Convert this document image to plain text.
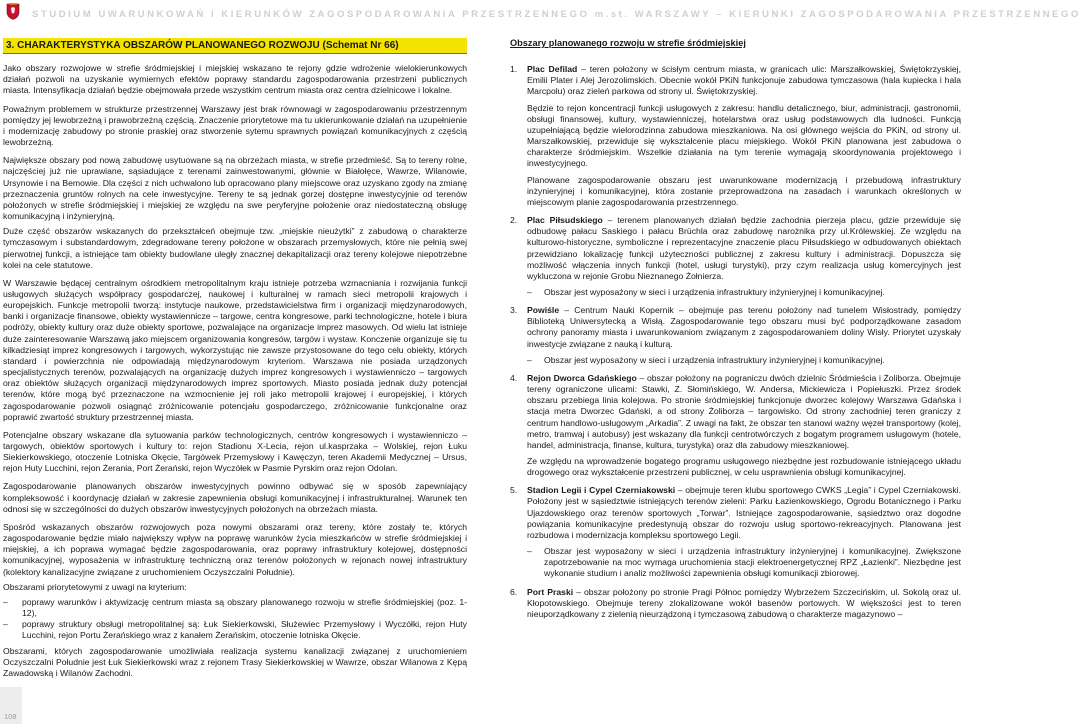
STUDIUM UWARUNKOWAŃ I KIERUNKÓW ZAGOSPODAROWANIA PRZESTRZENNEGO m.st. WARSZAWY – KIERUNKI ZAGOSPODAROWANIA PRZESTRZENNEGO
3. CHARAKTERYSTYKA OBSZARÓW PLANOWANEGO ROZWOJU (Schemat Nr 66)

Jako obszary rozwojowe w strefie śródmiejskiej i miejskiej wskazano te rejony gdzie wdrożenie wielokierunkowych działań pozwoli na uzyskanie wymiernych efektów poprawy standardu zagospodarowania przestrzeni publicznych miasta. Intensyfikacja działań będzie obejmowała przede wszystkim centrum miasta oraz centra dzielnicowe i lokalne.

Poważnym problemem w strukturze przestrzennej Warszawy jest brak równowagi w zagospodarowaniu przestrzennym pomiędzy jej lewobrzeżną i prawobrzeżną częścią. Znaczenie priorytetowe ma tu ukierunkowanie działań na uzupełnienie i modernizację zabudowy po stronie praskiej oraz stworzenie sytemu sprawnych powiązań komunikacyjnych z częścią lewobrzeżną.

Największe obszary pod nową zabudowę usytuowane są na obrzeżach miasta, w strefie przedmieść. Są to tereny rolne, najczęściej już nie uprawiane, sąsiadujące z terenami zainwestowanymi, głównie w Białołęce, Wawrze, Wilanowie, Ursynowie i na Bemowie. Dla części z nich uchwalono lub opracowano plany miejscowe oraz uzyskano zgody na zmianę przeznaczenia gruntów rolnych na cele inwestycyjne. Tereny te są jednak gorzej dostępne inwestycyjnie od terenów położonych w strefie śródmiejskiej i miejskiej ze względu na swe peryferyjne położenie oraz niedostateczną obsługę komunikacyjną i inżynieryjną.

Duże część obszarów wskazanych do przekształceń obejmuje tzw. „miejskie nieużytki” z zabudową o charakterze tymczasowym i substandardowym, zdegradowane tereny położone w obszarach przemysłowych, które nie pełnią swej pierwotnej funkcji, a istniejące tam obiekty budowlane uległy znacznej dekapitalizacji oraz tereny kolejowe niepotrzebne kolei na cele statutowe.

W Warszawie będącej centralnym ośrodkiem metropolitalnym kraju istnieje potrzeba wzmacniania i rozwijania funkcji usługowych służących współpracy gospodarczej, naukowej i kulturalnej w ramach sieci metropolii krajowych i europejskich. Funkcje metropolii tworzą: instytucje naukowe, przedstawicielstwa firm i organizacji międzynarodowych, banki i organizacje finansowe, obiekty wystawiennicze – targowe, centra kongresowe, parki technologiczne, hotele i biura podróży, obiekty kultury oraz duże obiekty sportowe, pozwalające na organizacje imprez masowych. Od wielu lat istnieje duże zainteresowanie Warszawą jako miejscem organizowania kongresów, targów i wystaw. Konczenie organizuje się tu kilkadziesiąt imprez kongresowych i targowych, wykorzystując nie zawsze przystosowane do tego celu obiekty, których standard i powierzchnia nie odpowiadają międzynarodowym kryteriom. Warszawa nie posiada urządzonych specjalistycznych terenów, pozwalających na organizację dużych imprez kongresowych i wystawienniczo – targowych oraz obiektów służących organizacji międzynarodowych imprez sportowych. Miasto posiada jednak duży potencjał terenów, które mogą być przeznaczone na wzmocnienie jej roli jako metropolii krajowej i europejskiej, i których zagospodarowanie pozwoli osiągnąć zróżnicowanie potencjału gospodarczego, zróżnicowanie funkcjonalne oraz poprawić zwartość struktury przestrzennej miasta.

Potencjalne obszary wskazane dla sytuowania parków technologicznych, centrów kongresowych i wystawienniczo – targowych, obiektów sportowych i kultury to: rejon Stadionu X-Lecia, rejon ul.kasprzaka – Wolskiej, rejon Łuku Siekierkowskiego, otoczenie Lotniska Okęcie, Targówek Przemysłowy i Kawęczyn, teren Akademii Medycznej – Ursus, rejon Huty Lucchini, rejon Żerania, Port Żerański, rejon Wyczółek w Pasmie Pyrskim oraz rejon Odolan.

Zagospodarowanie planowanych obszarów inwestycyjnych powinno odbywać się w sposób zapewniający kompleksowość i koordynację działań w zakresie zapewnienia obsługi komunikacyjnej i infrastrukturalnej. Warunek ten odnosi się w szczególności do dużych obszarów inwestycyjnych położonych na obrzeżach miasta.

Spośród wskazanych obszarów rozwojowych poza nowymi obszarami oraz tereny, które zostały te, których zagospodarowanie będzie miało największy wpływ na poprawę warunków życia mieszkańców w strefie śródmiejskiej i miejskiej, a ich poprawa wymagać będzie zagospodarowania, oraz poprawy infrastruktury kolejowej, dostępności komunikacyjnej, wyposażenia w infrastrukturę techniczną oraz terenów położonych w rejonach nowej infrastruktury (kolektory kanalizacyjne związane z uruchomieniem Oczyszczalni Południe).

Obszarami priorytetowymi z uwagi na kryterium:

– poprawy warunków i aktywizację centrum miasta są obszary planowanego rozwoju w strefie śródmiejskiej (poz. 1-12),
– poprawy struktury obsługi metropolitalnej są: Łuk Siekierkowski, Służewiec Przemysłowy i Wyczółki, rejon Huty Lucchini, rejon Portu Żerańskiego wraz z kanałem Żerańskim, otoczenie lotniska Okęcie.

Obszarami, których zagospodarowanie umożliwiała realizacja systemu kanalizacji związanej z uruchomieniem Oczyszczalni Południe jest Łuk Siekierkowski wraz z rejonem Trasy Siekierkowskiej w Wawrze, obszar Wilanowa z Kępą Zawadowską i Wilanów Zachodni.

Obszary planowanego rozwoju w strefie śródmiejskiej
1. Plac Defilad – teren położony w ścisłym centrum miasta, w granicach ulic: Marszałkowskiej, Świętokrzyskiej, Emilii Plater i Alej Jerozolimskich. Obecnie wokół PKiN funkcjonuje zabudowa tymczasowa (hala kupiecka i hala Marcpolu) oraz zieleń parkowa od strony ul. Świętokrzyskiej.

Będzie to rejon koncentracji funkcji usługowych z zakresu: handlu detalicznego, biur, administracji, gastronomii, obsługi finansowej, kultury, wystawienniczej, hotelarstwa oraz usług podstawowych dla ludności. Funkcją uzupełniającą będzie wielorodzinna zabudowa mieszkaniowa. Na osi głównego wejścia do PKiN, od strony ul. Marszałkowskiej, przewiduje się wykształcenie placu miejskiego. Wokół PKiN planowana jest zabudowa o charakterze śródmiejskim. Wszelkie działania na tym terenie wymagają skoordynowania projektowego i inwestycyjnego.

Planowane zagospodarowanie obszaru jest uwarunkowane modernizacją i przebudową infrastruktury inżynieryjnej i komunikacyjnej, która zostanie przeprowadzona na zasadach i warunkach określonych w miejscowym planie zagospodarowania przestrzennego.

2. Plac Piłsudskiego – terenem planowanych działań będzie zachodnia pierzeja placu, gdzie przewiduje się odbudowę pałacu Saskiego i pałacu Brüchla oraz zabudowę narożnika przy ul.Królewskiej. Ze względu na kulturowo-historyczne, symboliczne i reprezentacyjne znaczenie placu Piłsudskiego w odbudowanych obiektach przewidziano lokalizację funkcji użyteczności publicznej z zakresu kultury i administracji. Dopuszcza się możliwość włączenia innych funkcji (hotel, usługi turystyki), przy czym realizacja usług komercyjnych jest wykluczona w rejonie Grobu Nieznanego Żołnierza.

– Obszar jest wyposażony w sieci i urządzenia infrastruktury inżynieryjnej i komunikacyjnej.
3. Powiśle – Centrum Nauki Kopernik – obejmuje pas terenu położony nad tunelem Wisłostrady, pomiędzy Biblioteką Uniwersytecką a Wisłą. Zagospodarowanie tego obszaru musi być podporządkowane zasadom ochrony panoramy miasta i uwarunkowaniom związanym z zagospodarowaniem doliny Wisły. Priorytet uzyskały inwestycje związane z nauką i kulturą.

– Obszar jest wyposażony w sieci i urządzenia infrastruktury inżynieryjnej i komunikacyjnej.
4. Rejon Dworca Gdańskiego – obszar położony na pograniczu dwóch dzielnic Śródmieścia i Żoliborza. Obejmuje tereny ograniczone ulicami: Stawki, Z. Słomińskiego, W. Andersa, Mickiewicza i Popiełuszki. Przez środek obszaru przebiega linia kolejowa. Po stronie śródmiejskiej funkcjonuje dworzec kolejowy Warszawa Gdańska i stacja metra Dworzec Gdański, a od strony Żoliborza – targowisko. Od strony zachodniej teren graniczy z centrum handlowo-usługowym „Arkadia”. Z uwagi na fakt, że obszar ten stanowi ważny węzeł transportowy (kolej, metro, tramwaj i autobusy) jest wskazany dla funkcji centrotwórczych z bogatym programem usługowym (hotele, handel, administracja, finanse, kultura, turystyka) oraz dla zabudowy mieszkaniowej.

Ze względu na wprowadzenie bogatego programu usługowego niezbędne jest rozbudowanie istniejącego układu drogowego oraz wykształcenie przestrzeni publicznej, w celu usprawnienia obsługi komunikacyjnej.

5. Stadion Legii i Cypel Czerniakowski – obejmuje teren klubu sportowego CWKS „Legia” i Cypel Czerniakowski. Położony jest w sąsiedztwie istniejących terenów zieleni: Parku Łazienkowskiego, Ogrodu Botanicznego i Parku Ujazdowskiego oraz terenów sportowych „Torwar”. Istniejące zagospodarowanie, sąsiedztwo oraz dogodne powiązania komunikacyjne predestynują obszar do rozwoju usług sportowo-rekreacyjnych. Planowana jest rozbudowa i modernizacja kompleksu sportowego Legii.

– Obszar jest wyposażony w sieci i urządzenia infrastruktury inżynieryjnej i komunikacyjnej. Zwiększone zapotrzebowanie na moc wymaga uruchomienia stacji elektroenergetycznej RPZ „Łazienki”. Niezbędne jest wykonanie studium i analiz możliwości zapewnienia obsługi komunikacji zbiorowej.
6. Port Praski – obszar położony po stronie Pragi Północ pomiędzy Wybrzeżem Szczecińskim, ul. Sokolą oraz ul. Kłopotowskiego. Obejmuje tereny zlokalizowane wokół basenów portowych. W większości jest to teren nieuporządkowany z zielenią nieurządzoną i tymczasową zabudową o charakterze magazynowo –

108
